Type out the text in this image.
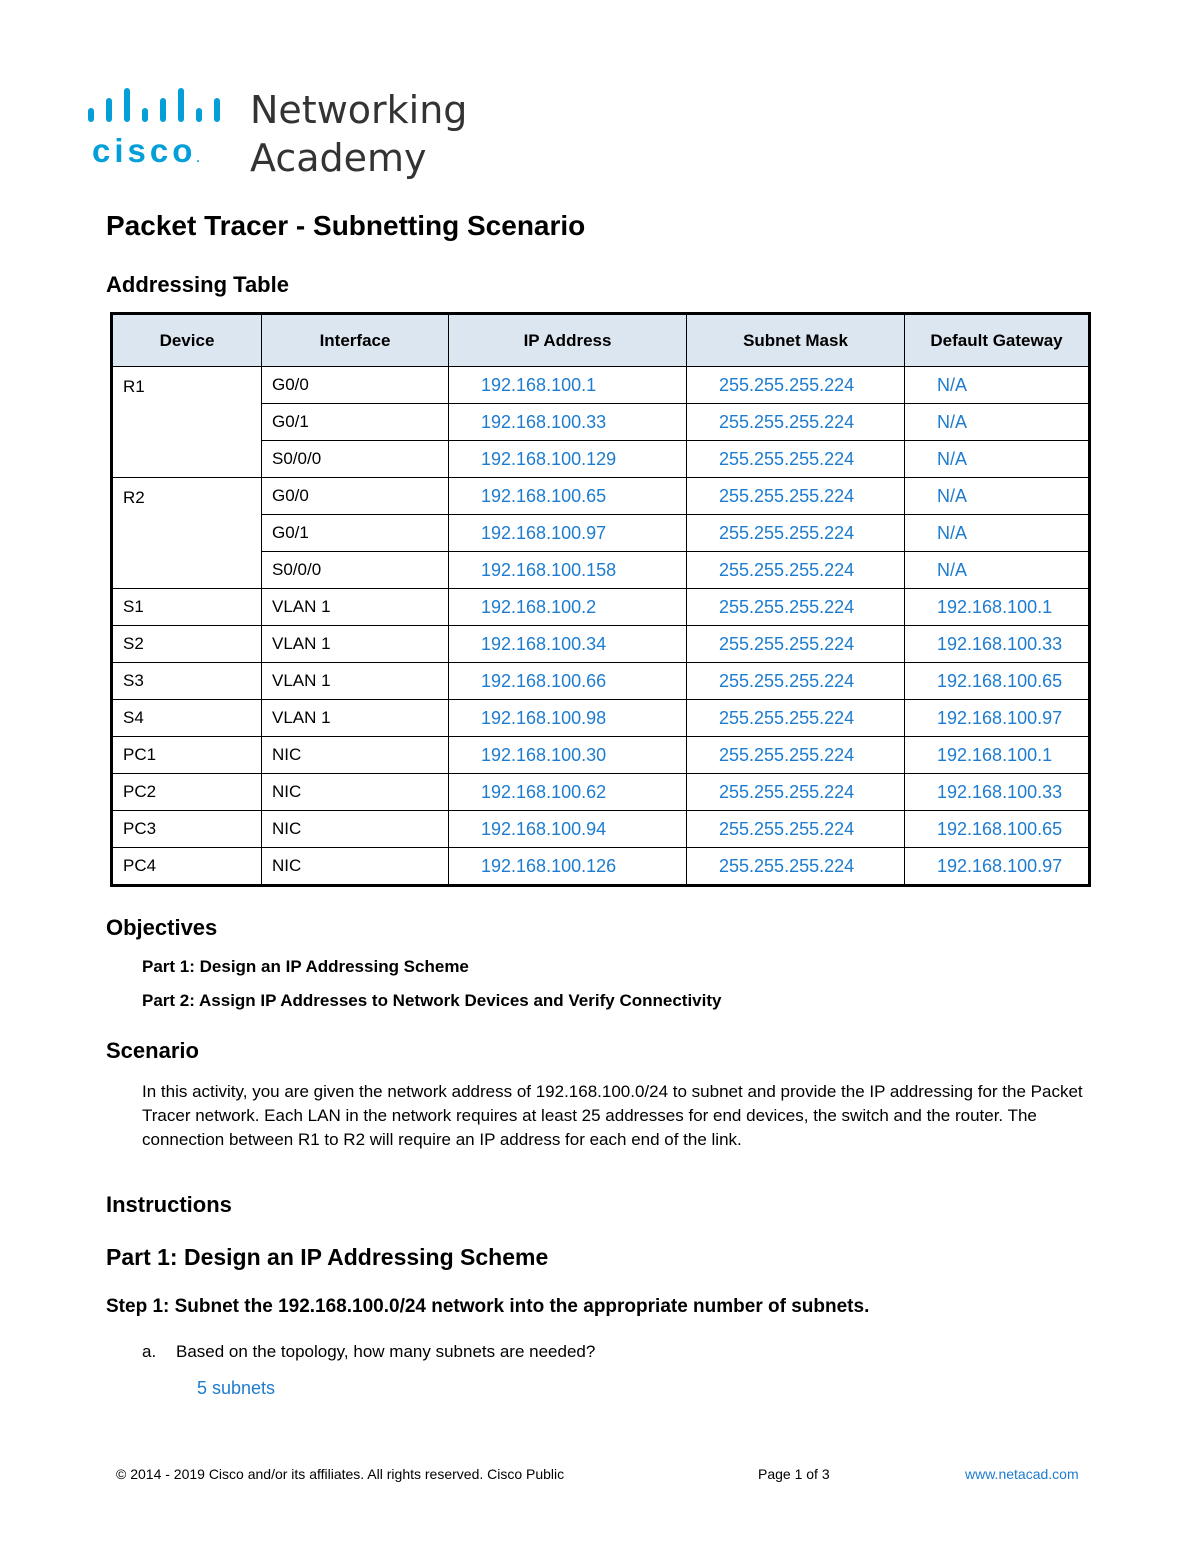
cisco.
Networking
Academy
Packet Tracer - Subnetting Scenario
Addressing Table
Device	Interface	IP Address	Subnet Mask	Default Gateway
R1	G0/0	192.168.100.1	255.255.255.224	N/A
	G0/1	192.168.100.33	255.255.255.224	N/A
	S0/0/0	192.168.100.129	255.255.255.224	N/A
R2	G0/0	192.168.100.65	255.255.255.224	N/A
	G0/1	192.168.100.97	255.255.255.224	N/A
	S0/0/0	192.168.100.158	255.255.255.224	N/A
S1	VLAN 1	192.168.100.2	255.255.255.224	192.168.100.1
S2	VLAN 1	192.168.100.34	255.255.255.224	192.168.100.33
S3	VLAN 1	192.168.100.66	255.255.255.224	192.168.100.65
S4	VLAN 1	192.168.100.98	255.255.255.224	192.168.100.97
PC1	NIC	192.168.100.30	255.255.255.224	192.168.100.1
PC2	NIC	192.168.100.62	255.255.255.224	192.168.100.33
PC3	NIC	192.168.100.94	255.255.255.224	192.168.100.65
PC4	NIC	192.168.100.126	255.255.255.224	192.168.100.97
Objectives
Part 1: Design an IP Addressing Scheme
Part 2: Assign IP Addresses to Network Devices and Verify Connectivity
Scenario
In this activity, you are given the network address of 192.168.100.0/24 to subnet and provide the IP addressing for the Packet Tracer network. Each LAN in the network requires at least 25 addresses for end devices, the switch and the router. The connection between R1 to R2 will require an IP address for each end of the link.
Instructions
Part 1: Design an IP Addressing Scheme
Step 1: Subnet the 192.168.100.0/24 network into the appropriate number of subnets.
a. Based on the topology, how many subnets are needed?
5 subnets
© 2014 - 2019 Cisco and/or its affiliates. All rights reserved. Cisco Public	Page 1 of 3	www.netacad.com
